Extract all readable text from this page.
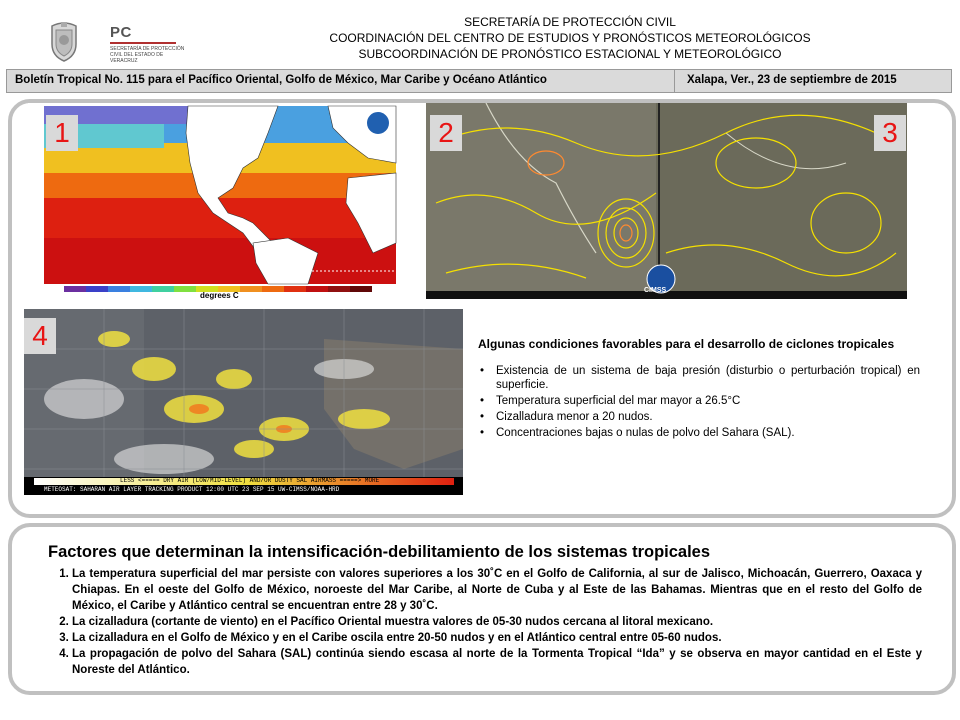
PC
SECRETARÍA DE PROTECCIÓN CIVIL DEL ESTADO DE VERACRUZ
SECRETARÍA DE PROTECCIÓN CIVIL
COORDINACIÓN DEL CENTRO DE ESTUDIOS Y PRONÓSTICOS METEOROLÓGICOS
SUBCOORDINACIÓN DE PRONÓSTICO ESTACIONAL Y METEOROLÓGICO
Boletín Tropical No. 115 para el Pacífico Oriental, Golfo de México, Mar Caribe y Océano Atlántico	Xalapa, Ver., 23 de septiembre de 2015
degrees C
1
CIMSS
2	3
LESS <===== DRY AIR (LOW/MID-LEVEL) AND/OR DUSTY SAL AIRMASS =====> MORE
METEOSAT: SAHARAN AIR LAYER TRACKING PRODUCT 12:00 UTC 23 SEP 15 UW-CIMSS/NOAA-HRD
4	Algunas condiciones favorables para el desarrollo de ciclones tropicales
• Existencia de un sistema de baja presión (disturbio o perturbación tropical) en superficie.
• Temperatura superficial del mar mayor a 26.5°C
• Cizalladura menor a 20 nudos.
• Concentraciones bajas o nulas de polvo del Sahara (SAL).
Factores que determinan la intensificación-debilitamiento de los sistemas tropicales
1. La temperatura superficial del mar persiste con valores superiores a los 30˚C en el Golfo de California, al sur de Jalisco, Michoacán, Guerrero, Oaxaca y Chiapas. En el oeste del Golfo de México, noroeste del Mar Caribe, al Norte de Cuba y al Este de las Bahamas. Mientras que en el resto del Golfo de México, el Caribe y Atlántico central se encuentran entre 28 y 30˚C.
2. La cizalladura (cortante de viento) en el Pacífico Oriental muestra valores de 05-30 nudos cercana al litoral mexicano.
3. La cizalladura en el Golfo de México y en el Caribe oscila entre 20-50 nudos y en el Atlántico central entre 05-60 nudos.
4. La propagación de polvo del Sahara (SAL) continúa siendo escasa al norte de la Tormenta Tropical “Ida” y se observa en mayor cantidad en el Este y Noreste del Atlántico.
